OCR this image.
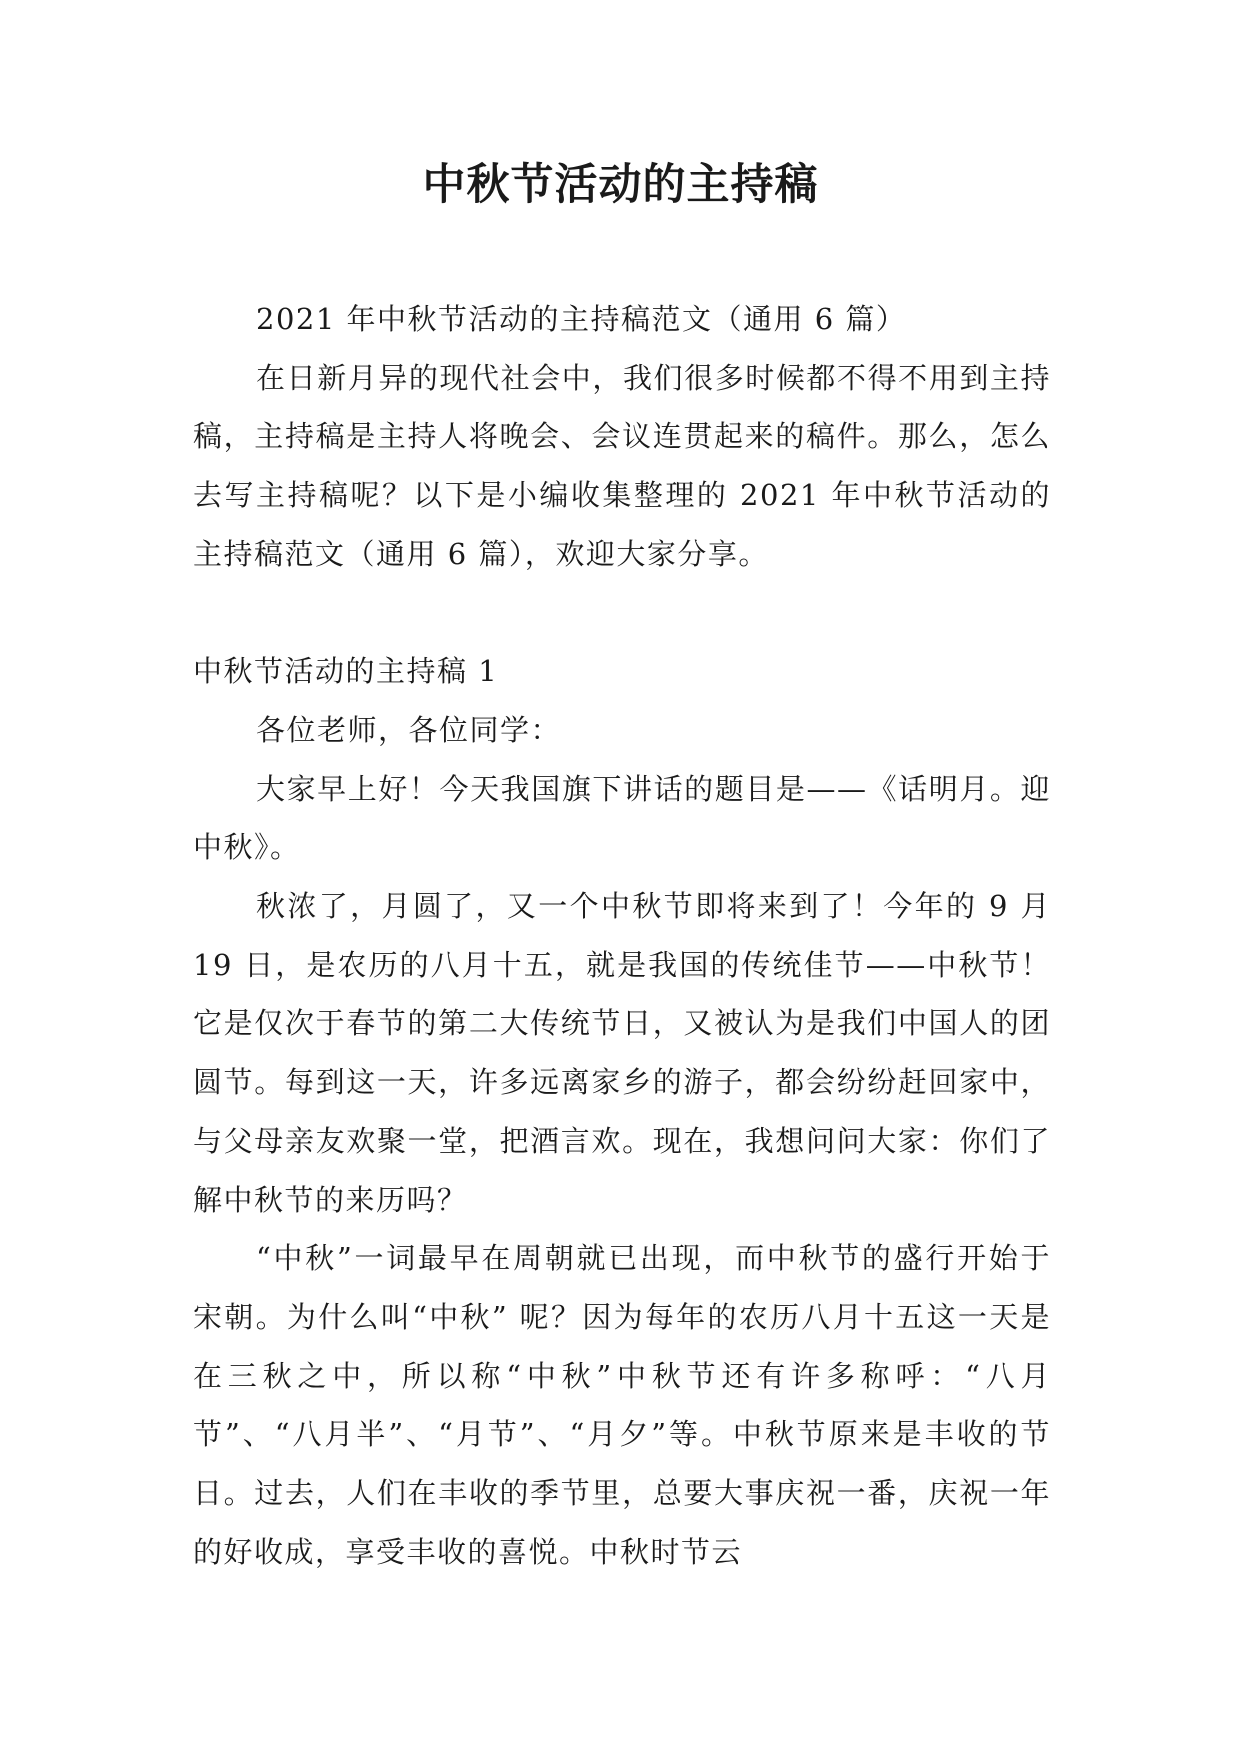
中秋节活动的主持稿

2021 年中秋节活动的主持稿范文（通用 6 篇）

在日新月异的现代社会中，我们很多时候都不得不用到主持稿，主持稿是主持人将晚会、会议连贯起来的稿件。那么，怎么去写主持稿呢？以下是小编收集整理的 2021 年中秋节活动的主持稿范文（通用 6 篇），欢迎大家分享。

中秋节活动的主持稿 1

各位老师，各位同学：

大家早上好！今天我国旗下讲话的题目是——《话明月。迎中秋》。

秋浓了，月圆了，又一个中秋节即将来到了！今年的 9 月 19 日，是农历的八月十五，就是我国的传统佳节——中秋节！它是仅次于春节的第二大传统节日，又被认为是我们中国人的团圆节。每到这一天，许多远离家乡的游子，都会纷纷赶回家中，与父母亲友欢聚一堂，把酒言欢。现在，我想问问大家：你们了解中秋节的来历吗？

“中秋”一词最早在周朝就已出现，而中秋节的盛行开始于宋朝。为什么叫“中秋” 呢？因为每年的农历八月十五这一天是在三秋之中，所以称“中秋”中秋节还有许多称呼：“八月节”、“八月半”、“月节”、“月夕”等。中秋节原来是丰收的节日。过去，人们在丰收的季节里，总要大事庆祝一番，庆祝一年的好收成，享受丰收的喜悦。中秋时节云
